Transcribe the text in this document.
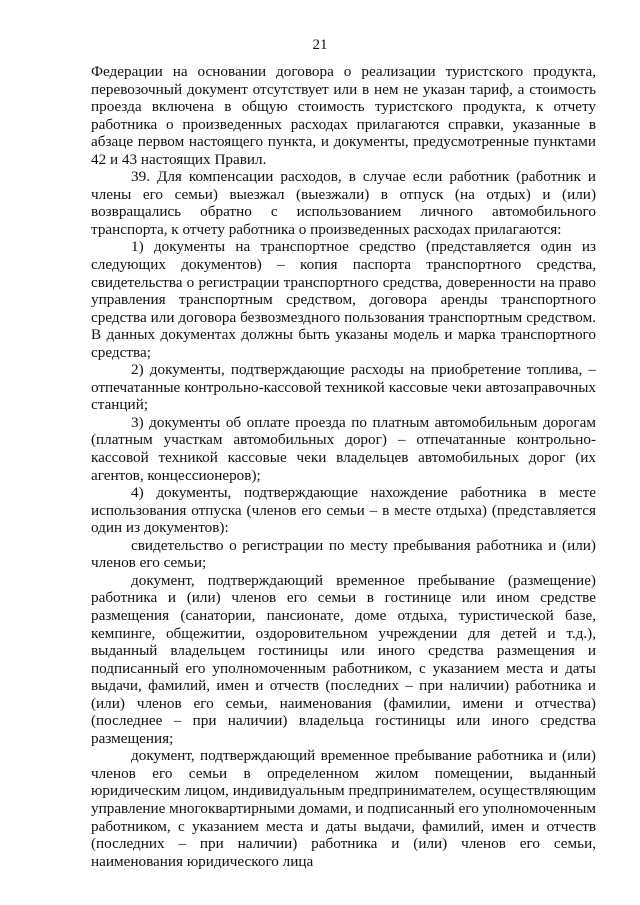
21

Федерации на основании договора о реализации туристского продукта, перевозочный документ отсутствует или в нем не указан тариф, а стоимость проезда включена в общую стоимость туристского продукта, к отчету работника о произведенных расходах прилагаются справки, указанные в абзаце первом настоящего пункта, и документы, предусмотренные пунктами 42 и 43 настоящих Правил.

39. Для компенсации расходов, в случае если работник (работник и члены его семьи) выезжал (выезжали) в отпуск (на отдых) и (или) возвращались обратно с использованием личного автомобильного транспорта, к отчету работника о произведенных расходах прилагаются:

1) документы на транспортное средство (представляется один из следующих документов) – копия паспорта транспортного средства, свидетельства о регистрации транспортного средства, доверенности на право управления транспортным средством, договора аренды транспортного средства или договора безвозмездного пользования транспортным средством. В данных документах должны быть указаны модель и марка транспортного средства;

2) документы, подтверждающие расходы на приобретение топлива, – отпечатанные контрольно-кассовой техникой кассовые чеки автозаправочных станций;

3) документы об оплате проезда по платным автомобильным дорогам (платным участкам автомобильных дорог) – отпечатанные контрольно-кассовой техникой кассовые чеки владельцев автомобильных дорог (их агентов, концессионеров);

4) документы, подтверждающие нахождение работника в месте использования отпуска (членов его семьи – в месте отдыха) (представляется один из документов):

свидетельство о регистрации по месту пребывания работника и (или) членов его семьи;

документ, подтверждающий временное пребывание (размещение) работника и (или) членов его семьи в гостинице или ином средстве размещения (санатории, пансионате, доме отдыха, туристической базе, кемпинге, общежитии, оздоровительном учреждении для детей и т.д.), выданный владельцем гостиницы или иного средства размещения и подписанный его уполномоченным работником, с указанием места и даты выдачи, фамилий, имен и отчеств (последних – при наличии) работника и (или) членов его семьи, наименования (фамилии, имени и отчества) (последнее – при наличии) владельца гостиницы или иного средства размещения;

документ, подтверждающий временное пребывание работника и (или) членов его семьи в определенном жилом помещении, выданный юридическим лицом, индивидуальным предпринимателем, осуществляющим управление многоквартирными домами, и подписанный его уполномоченным работником, с указанием места и даты выдачи, фамилий, имен и отчеств (последних – при наличии) работника и (или) членов его семьи, наименования юридического лица
